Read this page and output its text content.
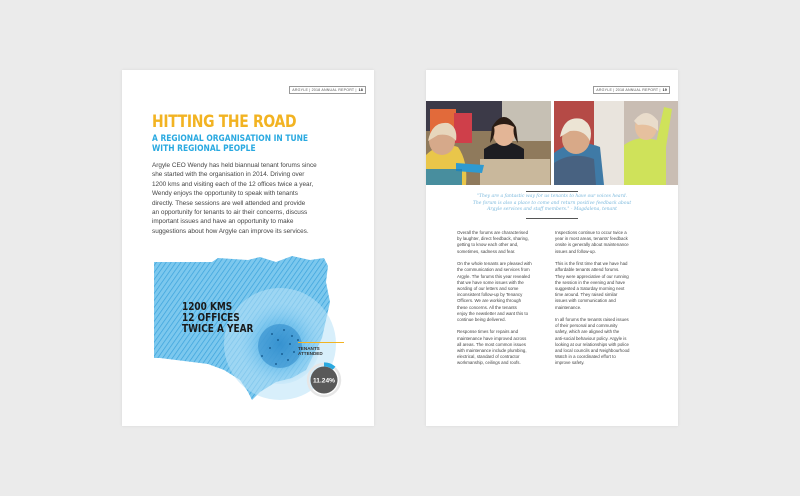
ARGYLE | 2018 ANNUAL REPORT | 18
HITTING THE ROAD
A REGIONAL ORGANISATION IN TUNE
WITH REGIONAL PEOPLE
Argyle CEO Wendy has held biannual tenant forums since
she started with the organisation in 2014. Driving over
1200 kms and visiting each of the 12 offices twice a year,
Wendy enjoys the opportunity to speak with tenants
directly. These sessions are well attended and provide
an opportunity for tenants to air their concerns, discuss
important issues and have an opportunity to make
suggestions about how Argyle can improve its services.
1200 KMS
12 OFFICES
TWICE A YEAR
TENANTS
ATTENDED
11.24%
ARGYLE | 2018 ANNUAL REPORT | 19
"They are a fantastic way for us tenants to have our voices heard.
The forum is also a place to come and return positive feedback about
Argyle services and staff members." - Magdalena, tenant

Overall the forums are characterised
by laughter, direct feedback, sharing,
getting to know each other and,
sometimes, sadness and fear.

On the whole tenants are pleased with
the communication and services from
Argyle. The forums this year revealed
that we have some issues with the
wording of our letters and some
inconsistent follow-up by Tenancy
Officers. We are working through
these concerns. All the tenants
enjoy the newsletter and want this to
continue being delivered.

Response times for repairs and
maintenance have improved across
all areas. The most common issues
with maintenance include plumbing,
electrical, standard of contractor
workmanship, ceilings and roofs.

Inspections continue to occur twice a
year in most areas, tenants' feedback
onsite is generally about maintenance
issues and follow-up.

This is the first time that we have had
affordable tenants attend forums.
They were appreciative of our running
the session in the evening and have
suggested a Saturday morning next
time around. They raised similar
issues with communication and
maintenance.

In all forums the tenants raised issues
of their personal and community
safety, which are aligned with the
anti-social behaviour policy. Argyle is
looking at our relationships with police
and local councils and Neighbourhood
Watch in a coordinated effort to
improve safety.
